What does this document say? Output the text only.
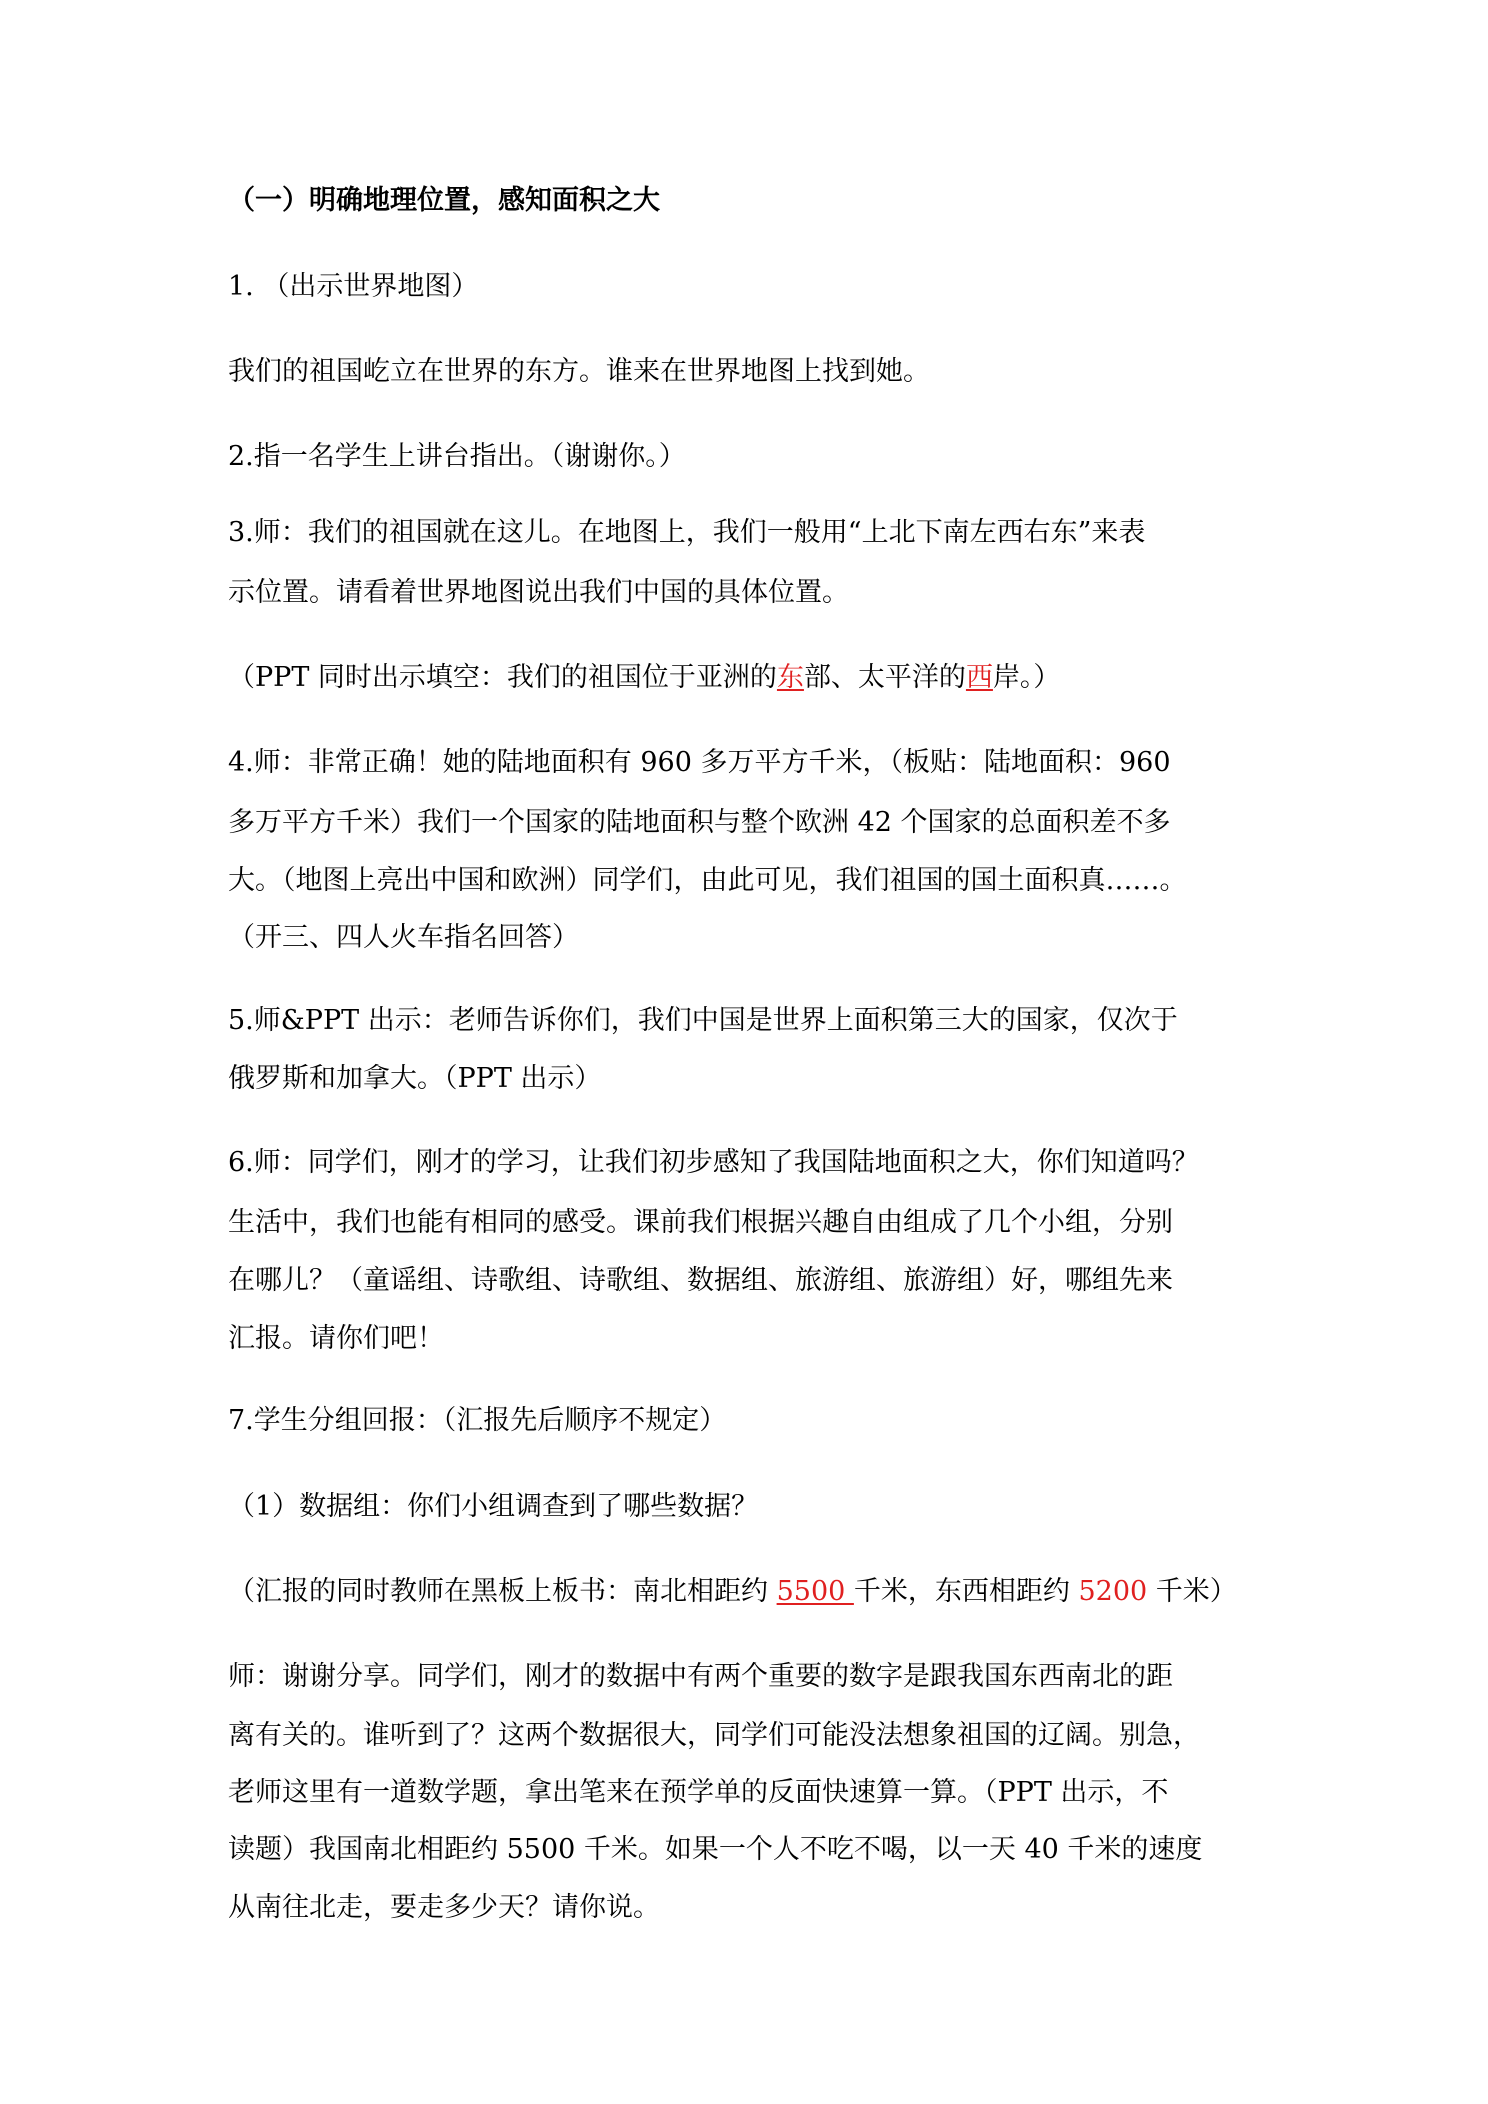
（一）明确地理位置，感知面积之大
1. （出示世界地图）
我们的祖国屹立在世界的东方。谁来在世界地图上找到她。
2.指一名学生上讲台指出。（谢谢你。）
3.师：我们的祖国就在这儿。在地图上，我们一般用“上北下南左西右东”来表
示位置。请看着世界地图说出我们中国的具体位置。
（PPT 同时出示填空：我们的祖国位于亚洲的东部、太平洋的西岸。）
4.师：非常正确！她的陆地面积有 960 多万平方千米，（板贴：陆地面积：960
多万平方千米）我们一个国家的陆地面积与整个欧洲 42 个国家的总面积差不多
大。（地图上亮出中国和欧洲）同学们，由此可见，我们祖国的国土面积真……。
（开三、四人火车指名回答）
5.师&PPT 出示：老师告诉你们，我们中国是世界上面积第三大的国家，仅次于
俄罗斯和加拿大。（PPT 出示）
6.师：同学们，刚才的学习，让我们初步感知了我国陆地面积之大，你们知道吗？
生活中，我们也能有相同的感受。课前我们根据兴趣自由组成了几个小组，分别
在哪儿？（童谣组、诗歌组、诗歌组、数据组、旅游组、旅游组）好，哪组先来
汇报。请你们吧！
7.学生分组回报：（汇报先后顺序不规定）
（1）数据组：你们小组调查到了哪些数据？
（汇报的同时教师在黑板上板书：南北相距约 5500 千米，东西相距约 5200 千米）
师：谢谢分享。同学们，刚才的数据中有两个重要的数字是跟我国东西南北的距
离有关的。谁听到了？这两个数据很大，同学们可能没法想象祖国的辽阔。别急，
老师这里有一道数学题，拿出笔来在预学单的反面快速算一算。（PPT 出示，不
读题）我国南北相距约 5500 千米。如果一个人不吃不喝，以一天 40 千米的速度
从南往北走，要走多少天？请你说。
